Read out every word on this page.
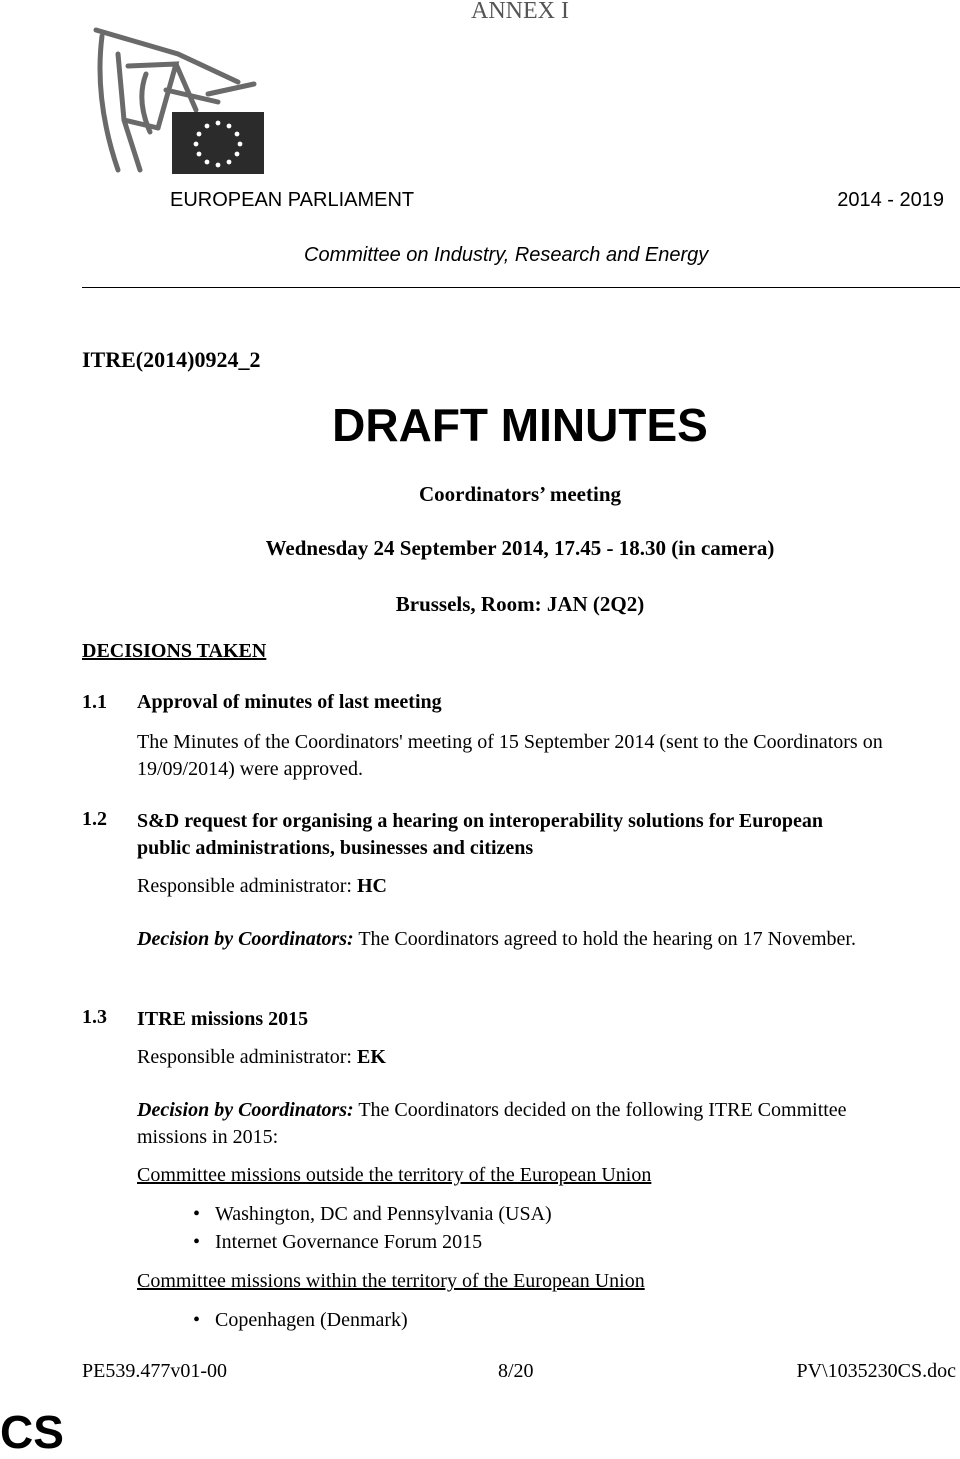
ANNEX I
EUROPEAN PARLIAMENT	2014 - 2019
Committee on Industry, Research and Energy
ITRE(2014)0924_2
DRAFT MINUTES
Coordinators’ meeting
Wednesday 24 September 2014, 17.45 - 18.30 (in camera)
Brussels, Room: JAN (2Q2)
DECISIONS TAKEN
1.1 Approval of minutes of last meeting
The Minutes of the Coordinators' meeting of 15 September 2014 (sent to the Coordinators on 19/09/2014) were approved.
1.2 S&D request for organising a hearing on interoperability solutions for European
public administrations, businesses and citizens
Responsible administrator: HC
Decision by Coordinators: The Coordinators agreed to hold the hearing on 17 November.
1.3 ITRE missions 2015
Responsible administrator: EK
Decision by Coordinators: The Coordinators decided on the following ITRE Committee missions in 2015:
Committee missions outside the territory of the European Union
• Washington, DC and Pennsylvania (USA)
• Internet Governance Forum 2015
Committee missions within the territory of the European Union
• Copenhagen (Denmark)
PE539.477v01-00	8/20	PV\1035230CS.doc
CS
